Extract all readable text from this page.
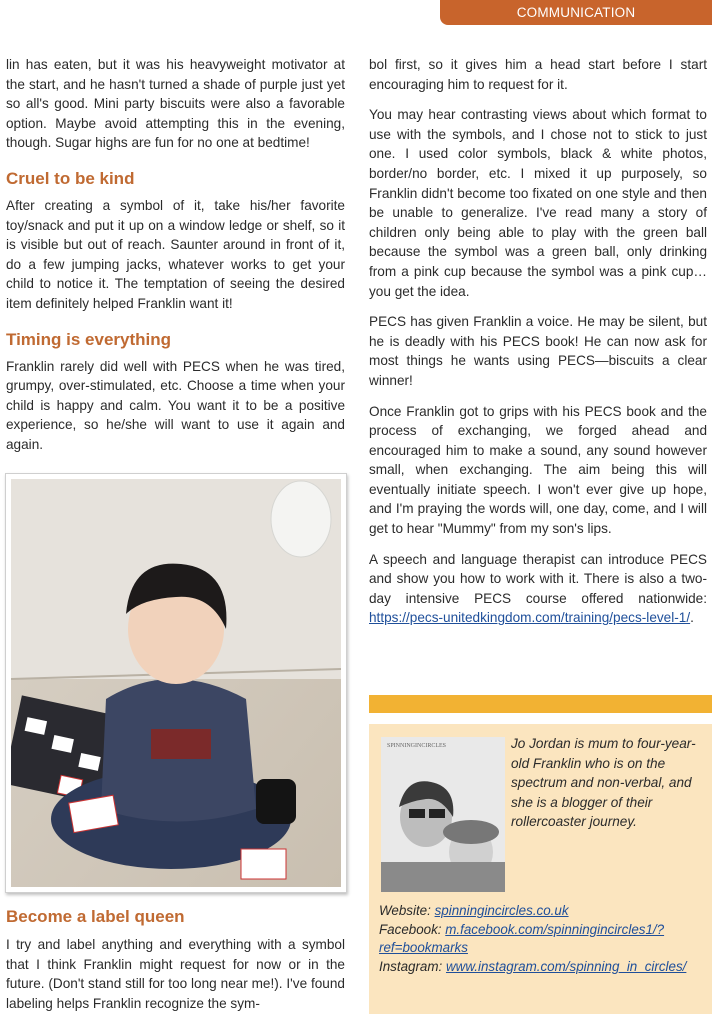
COMMUNICATION

lin has eaten, but it was his heavyweight motivator at the start, and he hasn't turned a shade of purple just yet so all's good. Mini party biscuits were also a favorable option. Maybe avoid attempting this in the evening, though. Sugar highs are fun for no one at bedtime!

Cruel to be kind

After creating a symbol of it, take his/her favorite toy/snack and put it up on a window ledge or shelf, so it is visible but out of reach. Saunter around in front of it, do a few jumping jacks, whatever works to get your child to notice it. The temptation of seeing the desired item definitely helped Franklin want it!

Timing is everything

Franklin rarely did well with PECS when he was tired, grumpy, over-stimulated, etc. Choose a time when your child is happy and calm. You want it to be a positive experience, so he/she will want to use it again and again.

Become a label queen
I try and label anything and everything with a symbol that I think Franklin might request for now or in the future. (Don't stand still for too long near me!). I've found labeling helps Franklin recognize the sym-

bol first, so it gives him a head start before I start encouraging him to request for it.

You may hear contrasting views about which format to use with the symbols, and I chose not to stick to just one. I used color symbols, black & white photos, border/no border, etc. I mixed it up purposely, so Franklin didn't become too fixated on one style and then be unable to generalize. I've read many a story of children only being able to play with the green ball because the symbol was a green ball, only drinking from a pink cup because the symbol was a pink cup…you get the idea.

PECS has given Franklin a voice. He may be silent, but he is deadly with his PECS book! He can now ask for most things he wants using PECS—biscuits a clear winner!

Once Franklin got to grips with his PECS book and the process of exchanging, we forged ahead and encouraged him to make a sound, any sound however small, when exchanging. The aim being this will eventually initiate speech. I won't ever give up hope, and I'm praying the words will, one day, come, and I will get to hear "Mummy" from my son's lips.

A speech and language therapist can introduce PECS and show you how to work with it. There is also a two-day intensive PECS course offered nationwide: https://pecs-unitedkingdom.com/training/pecs-level-1/.

SPINNINGINCIRCLES	Jo Jordan is mum to four-year-old Franklin who is on the spectrum and non-verbal, and she is a blogger of their rollercoaster journey.
Website: spinningincircles.co.uk
Facebook: m.facebook.com/spinningincircles1/?ref=bookmarks
Instagram: www.instagram.com/spinning_in_circles/
